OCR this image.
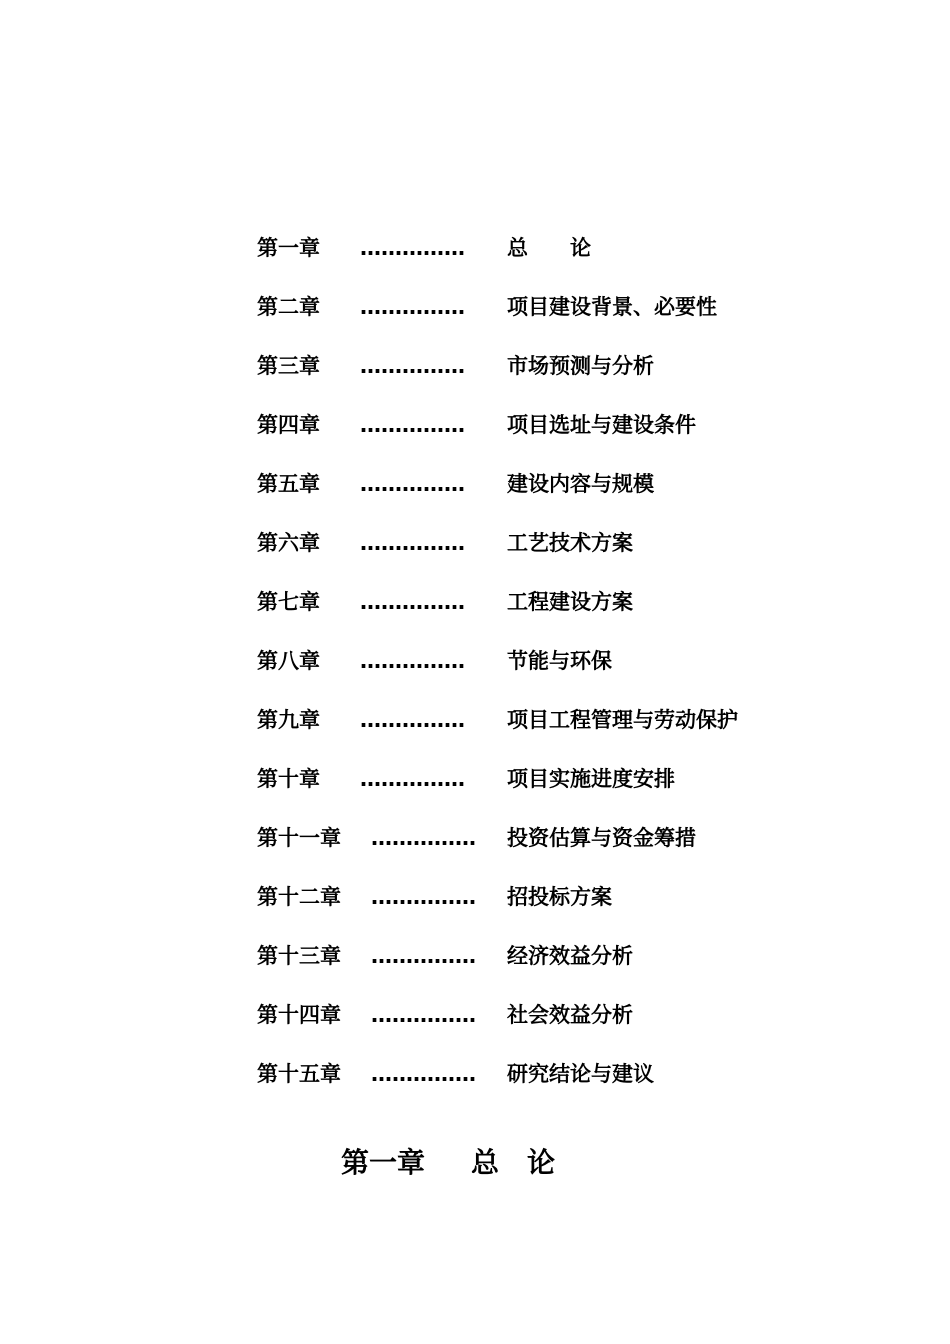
第一章 …………… 总　　论
第二章 …………… 项目建设背景、必要性
第三章 …………… 市场预测与分析
第四章 …………… 项目选址与建设条件
第五章 …………… 建设内容与规模
第六章 …………… 工艺技术方案
第七章 …………… 工程建设方案
第八章 …………… 节能与环保
第九章 …………… 项目工程管理与劳动保护
第十章 …………… 项目实施进度安排
第十一章 …………… 投资估算与资金筹措
第十二章 …………… 招投标方案
第十三章 …………… 经济效益分析
第十四章 …………… 社会效益分析
第十五章 …………… 研究结论与建议
第一章 总　论
